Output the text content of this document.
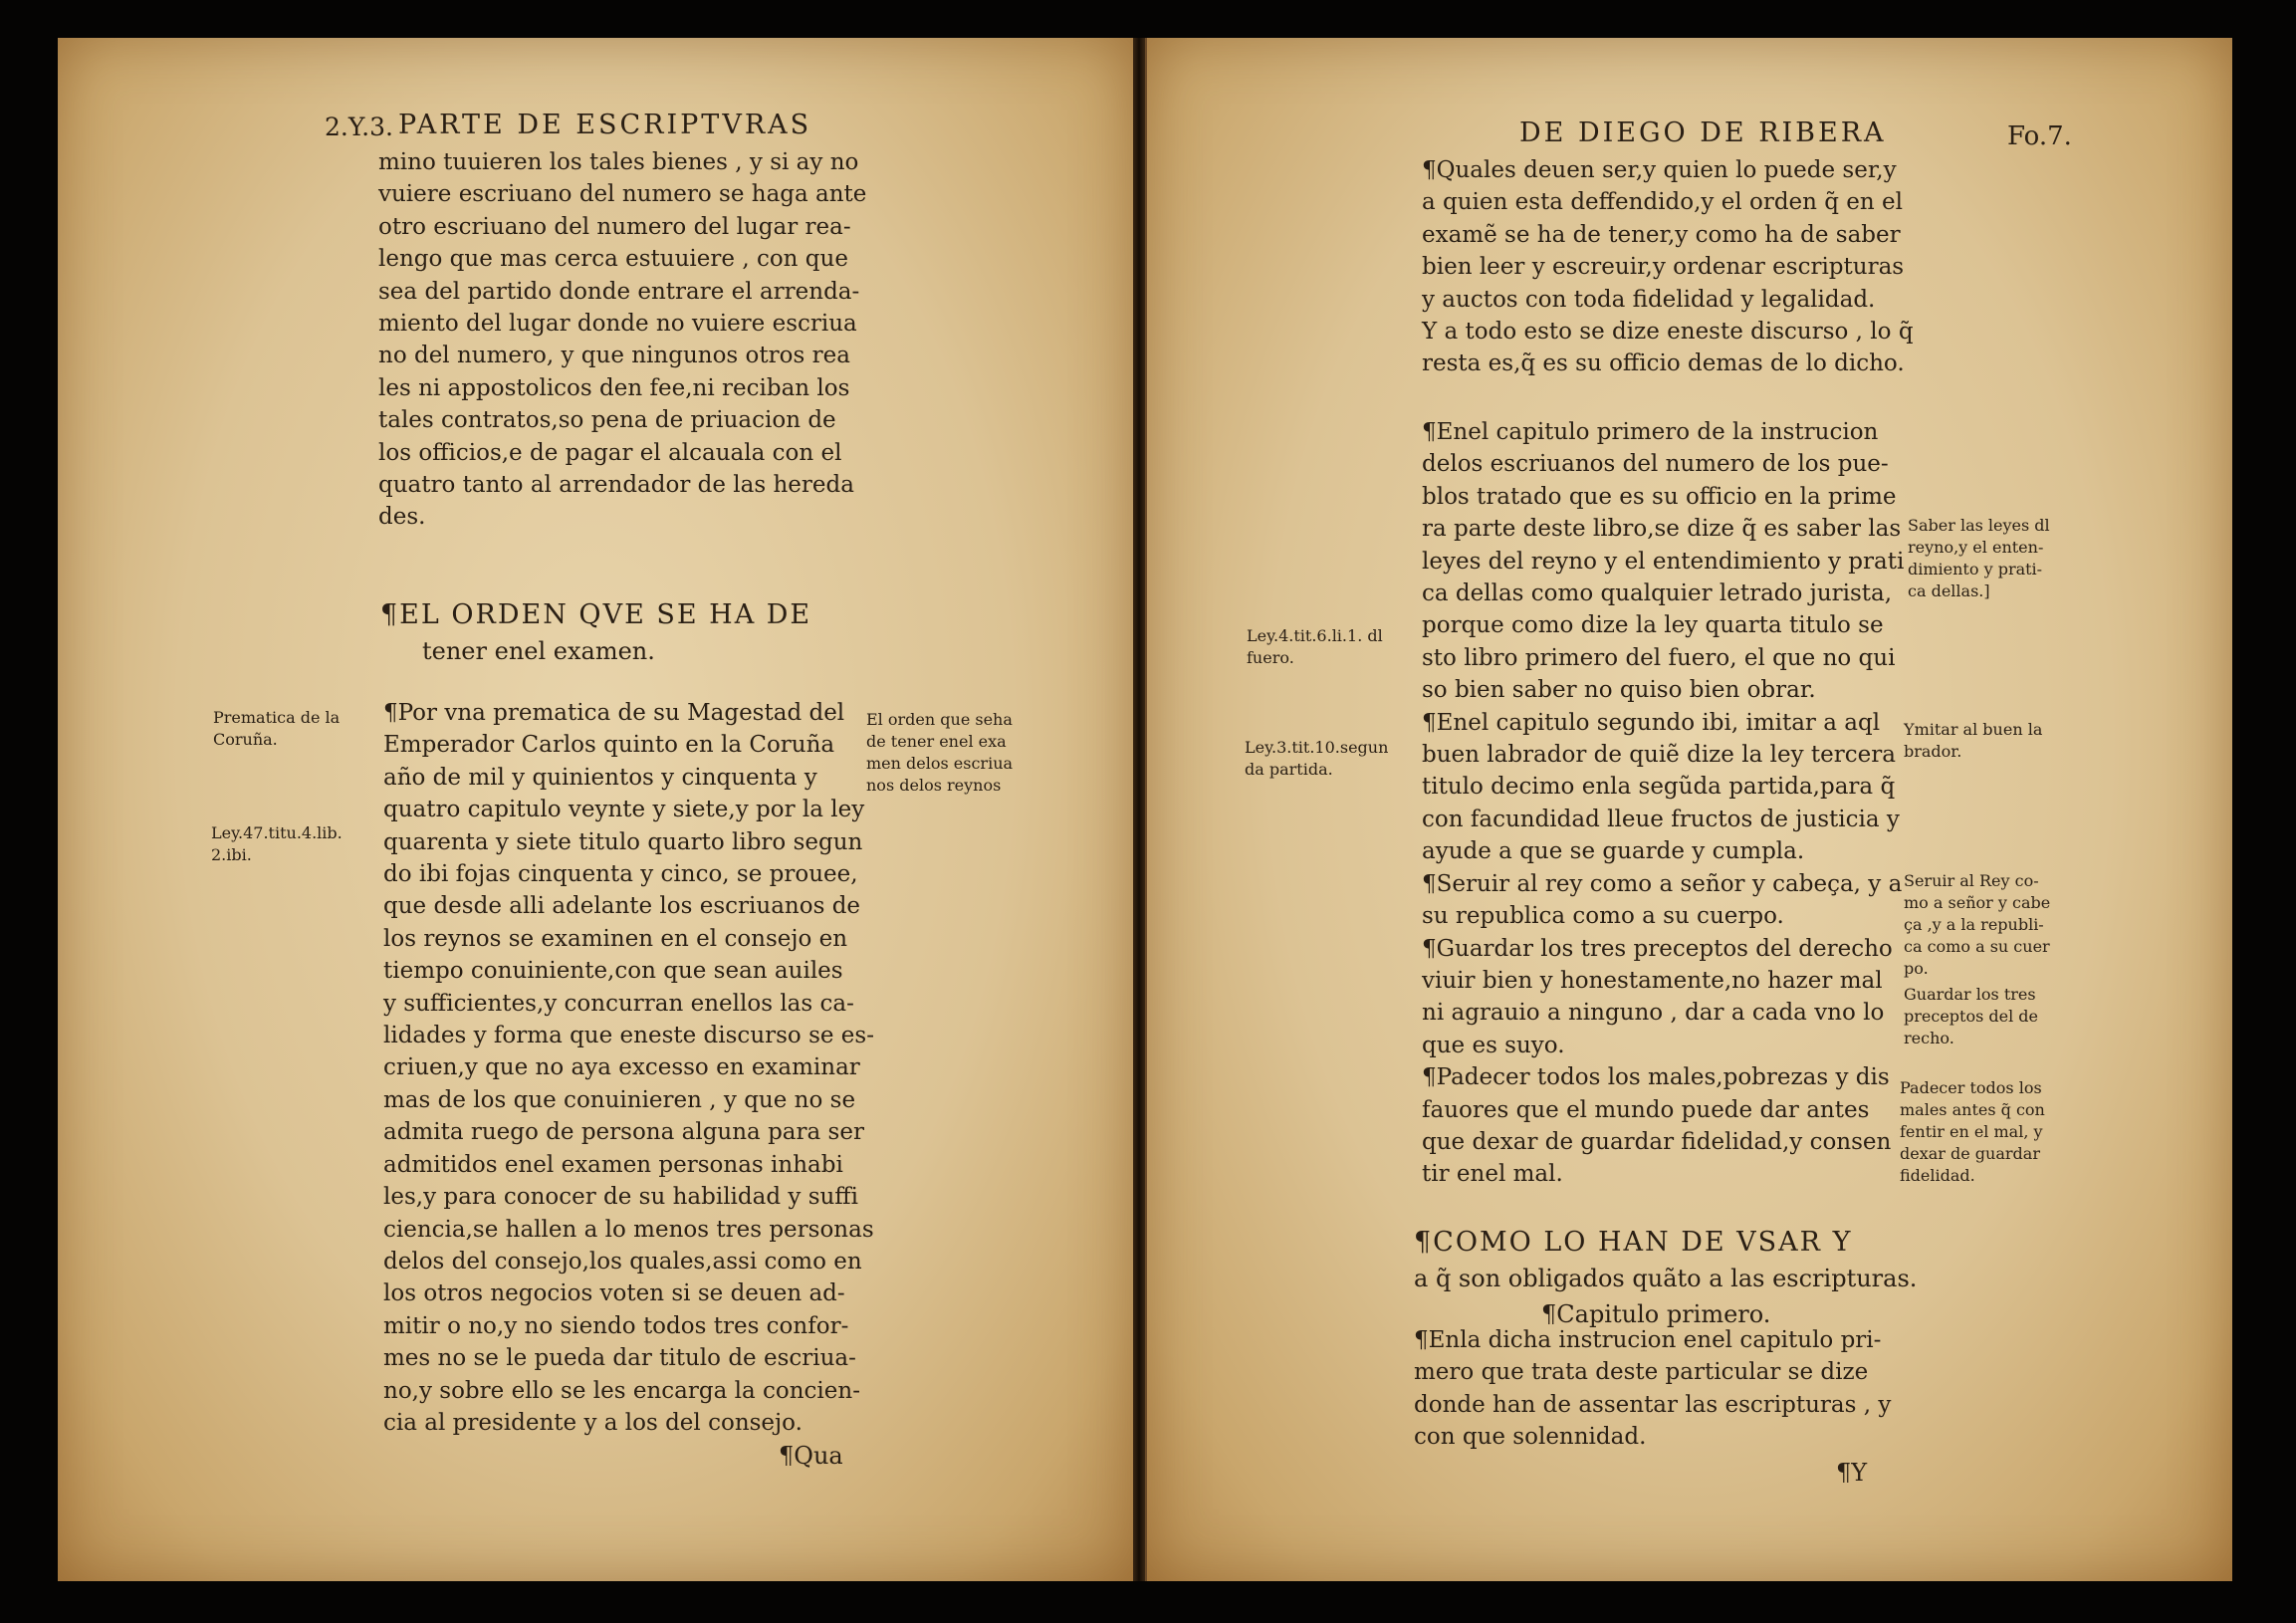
2.Y.3. PARTE DE ESCRIPTVRAS
mino tuuieren los tales bienes , y si ay no
vuiere escriuano del numero se haga ante
otro escriuano del numero del lugar rea-
lengo que mas cerca estuuiere , con que
sea del partido donde entrare el arrenda-
miento del lugar donde no vuiere escriua
no del numero, y que ningunos otros rea
les ni appostolicos den fee,ni reciban los
tales contratos,so pena de priuacion de
los officios,e de pagar el alcauala con el
quatro tanto al arrendador de las hereda
des.
¶EL ORDEN QVE SE HA DE
tener enel examen.
¶Por vna prematica de su Magestad del
Emperador Carlos quinto en la Coruña
año de mil y quinientos y cinquenta y
quatro capitulo veynte y siete,y por la ley
quarenta y siete titulo quarto libro segun
do ibi fojas cinquenta y cinco, se prouee,
que desde alli adelante los escriuanos de
los reynos se examinen en el consejo en
tiempo conuiniente,con que sean auiles
y sufficientes,y concurran enellos las ca-
lidades y forma que eneste discurso se es-
criuen,y que no aya excesso en examinar
mas de los que conuinieren , y que no se
admita ruego de persona alguna para ser
admitidos enel examen personas inhabi
les,y para conocer de su habilidad y suffi
ciencia,se hallen a lo menos tres personas
delos del consejo,los quales,assi como en
los otros negocios voten si se deuen ad-
mitir o no,y no siendo todos tres confor-
mes no se le pueda dar titulo de escriua-
no,y sobre ello se les encarga la concien-
cia al presidente y a los del consejo.
¶Qua
Prematica de la
Coruña.
Ley.47.titu.4.lib.
2.ibi.
El orden que seha
de tener enel exa
men delos escriua
nos delos reynos
DE DIEGO DE RIBERA	Fo.7.
¶Quales deuen ser,y quien lo puede ser,y
a quien esta deffendido,y el orden q̃ en el
examẽ se ha de tener,y como ha de saber
bien leer y escreuir,y ordenar escripturas
y auctos con toda fidelidad y legalidad.
Y a todo esto se dize eneste discurso , lo q̃
resta es,q̃ es su officio demas de lo dicho.
¶Enel capitulo primero de la instrucion
delos escriuanos del numero de los pue-
blos tratado que es su officio en la prime
ra parte deste libro,se dize q̃ es saber las
leyes del reyno y el entendimiento y prati
ca dellas como qualquier letrado jurista,
porque como dize la ley quarta titulo se
sto libro primero del fuero, el que no qui
so bien saber no quiso bien obrar.
¶Enel capitulo segundo ibi, imitar a aql
buen labrador de quiẽ dize la ley tercera
titulo decimo enla segũda partida,para q̃
con facundidad lleue fructos de justicia y
ayude a que se guarde y cumpla.
¶Seruir al rey como a señor y cabeça, y a
su republica como a su cuerpo.
¶Guardar los tres preceptos del derecho
viuir bien y honestamente,no hazer mal
ni agrauio a ninguno , dar a cada vno lo
que es suyo.
¶Padecer todos los males,pobrezas y dis
fauores que el mundo puede dar antes
que dexar de guardar fidelidad,y consen
tir enel mal.
¶COMO LO HAN DE VSAR Y
a q̃ son obligados quãto a las escripturas.
¶Capitulo primero.
¶Enla dicha instrucion enel capitulo pri-
mero que trata deste particular se dize
donde han de assentar las escripturas , y
con que solennidad.
¶Y
Saber las leyes dl
reyno,y el enten-
dimiento y prati-
ca dellas.]
Ley.4.tit.6.li.1. dl
fuero.
Ley.3.tit.10.segun
da partida.
Ymitar al buen la
brador.
Seruir al Rey co-
mo a señor y cabe
ça ,y a la republi-
ca como a su cuer
po.
Guardar los tres
preceptos del de
recho.
Padecer todos los
males antes q̃ con
fentir en el mal, y
dexar de guardar
fidelidad.
